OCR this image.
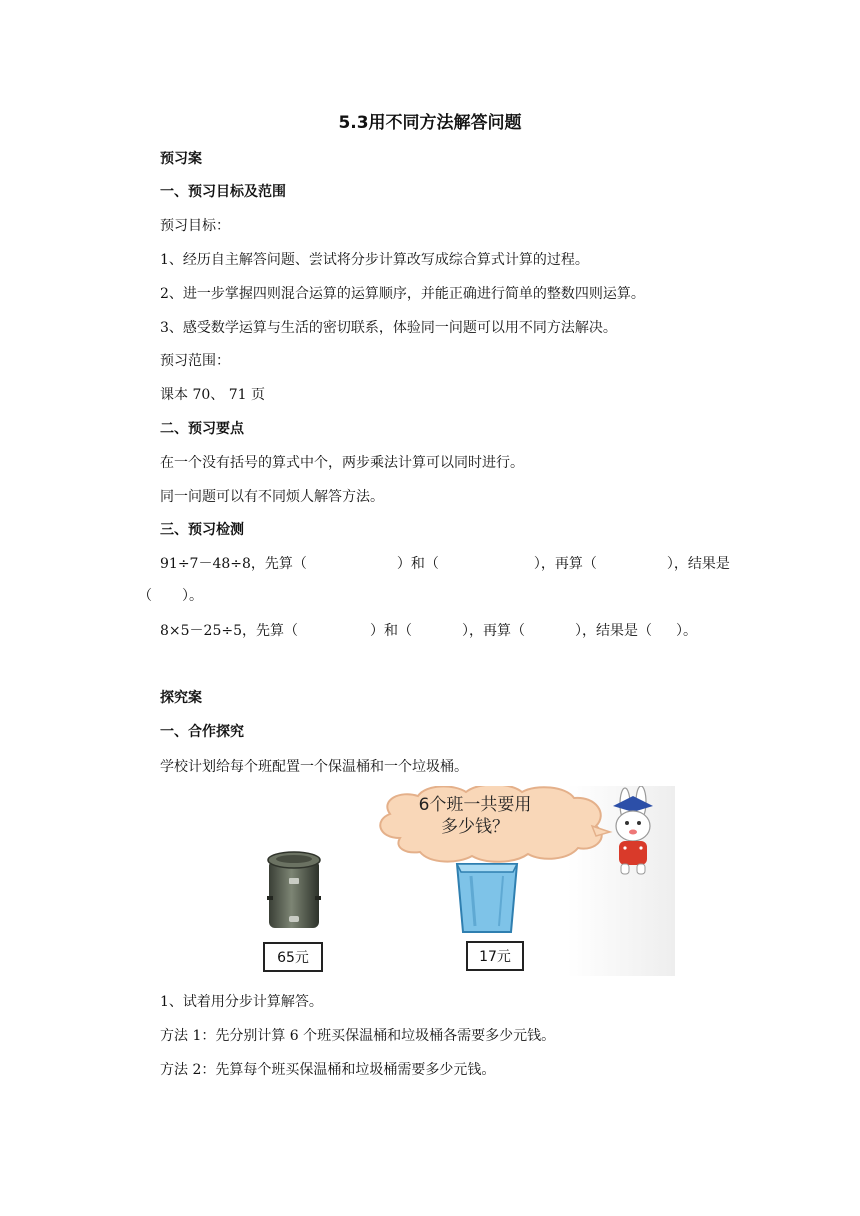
5.3用不同方法解答问题
预习案
一、预习目标及范围
预习目标：
1、经历自主解答问题、尝试将分步计算改写成综合算式计算的过程。
2、进一步掌握四则混合运算的运算顺序，并能正确进行简单的整数四则运算。
3、感受数学运算与生活的密切联系，体验同一问题可以用不同方法解决。
预习范围：
课本 70、 71 页
二、预习要点
在一个没有括号的算式中个，两步乘法计算可以同时进行。
同一问题可以有不同烦人解答方法。
三、预习检测
91÷7－48÷8，先算（	）和（	），再算（	），结果是
（ ）。
8×5－25÷5，先算（	）和（	），再算（	），结果是（ ）。
探究案
一、合作探究
学校计划给每个班配置一个保温桶和一个垃圾桶。
6个班一共要用
多少钱？
65元	17元
1、试着用分步计算解答。
方法 1：先分别计算 6 个班买保温桶和垃圾桶各需要多少元钱。
方法 2：先算每个班买保温桶和垃圾桶需要多少元钱。
